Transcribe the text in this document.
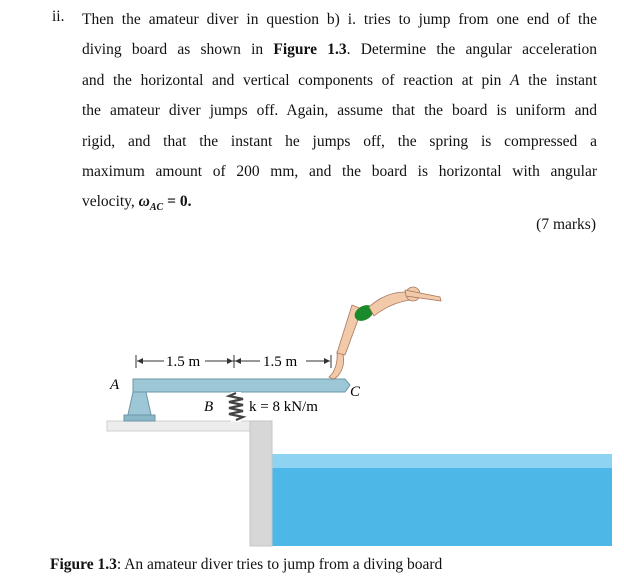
ii. Then the amateur diver in question b) i. tries to jump from one end of the
diving board as shown in Figure 1.3. Determine the angular acceleration
and the horizontal and vertical components of reaction at pin A the instant
the amateur diver jumps off. Again, assume that the board is uniform and
rigid, and that the instant he jumps off, the spring is compressed a
maximum amount of 200 mm, and the board is horizontal with angular
velocity, $\omega_{AC} = 0$.
(7 marks)
1.5 m	1.5 m
A
B k = 8 kN/m
C
Figure 1.3: An amateur diver tries to jump from a diving board
